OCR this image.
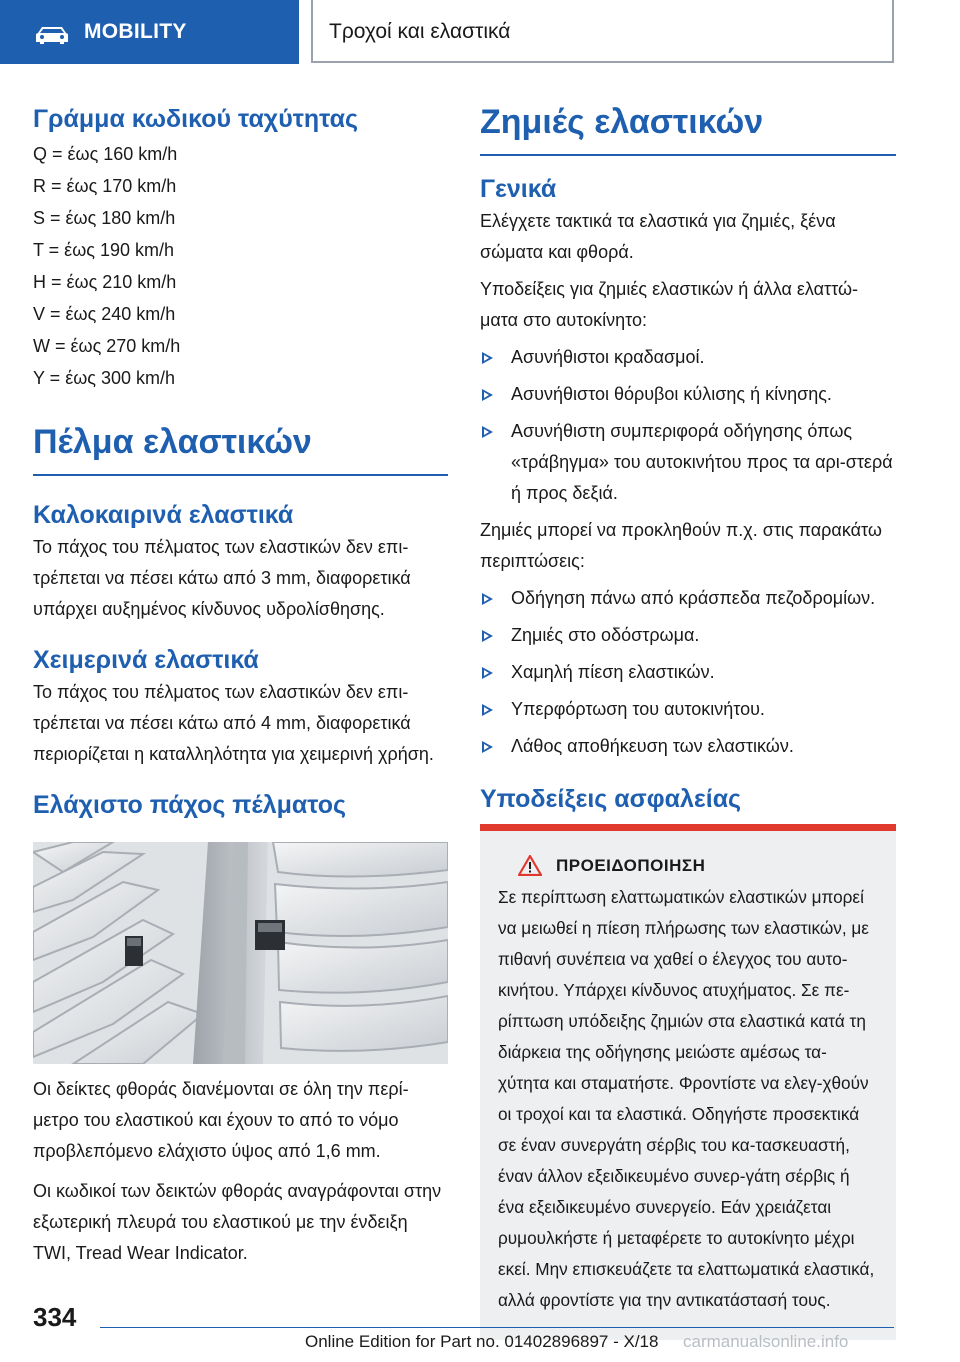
MOBILITY	Τροχοί και ελαστικά
Γράμμα κωδικού ταχύτητας

Q = έως 160 km/h

R = έως 170 km/h

S = έως 180 km/h

T = έως 190 km/h

H = έως 210 km/h

V = έως 240 km/h

W = έως 270 km/h

Y = έως 300 km/h

Πέλμα ελαστικών
Καλοκαιρινά ελαστικά

Το πάχος του πέλματος των ελαστικών δεν επι-τρέπεται να πέσει κάτω από 3 mm, διαφορετικά υπάρχει αυξημένος κίνδυνος υδρολίσθησης.

Χειμερινά ελαστικά

Το πάχος του πέλματος των ελαστικών δεν επι-τρέπεται να πέσει κάτω από 4 mm, διαφορετικά περιορίζεται η καταλληλότητα για χειμερινή χρήση.

Ελάχιστο πάχος πέλματος

Οι δείκτες φθοράς διανέμονται σε όλη την περί-μετρο του ελαστικού και έχουν το από το νόμο προβλεπόμενο ελάχιστο ύψος από 1,6 mm.

Οι κωδικοί των δεικτών φθοράς αναγράφονται στην εξωτερική πλευρά του ελαστικού με την ένδειξη TWI, Tread Wear Indicator.

Ζημιές ελαστικών
Γενικά

Ελέγχετε τακτικά τα ελαστικά για ζημιές, ξένα σώματα και φθορά.

Υποδείξεις για ζημιές ελαστικών ή άλλα ελαττώ-ματα στο αυτοκίνητο:

Ασυνήθιστοι κραδασμοί.
Ασυνήθιστοι θόρυβοι κύλισης ή κίνησης.
Ασυνήθιστη συμπεριφορά οδήγησης όπως «τράβηγμα» του αυτοκινήτου προς τα αρι-στερά ή προς δεξιά.

Ζημιές μπορεί να προκληθούν π.χ. στις παρακάτω περιπτώσεις:

Οδήγηση πάνω από κράσπεδα πεζοδρομίων.
Ζημιές στο οδόστρωμα.
Χαμηλή πίεση ελαστικών.
Υπερφόρτωση του αυτοκινήτου.
Λάθος αποθήκευση των ελαστικών.
Υποδείξεις ασφαλείας
ΠΡΟΕΙΔΟΠΟΙΗΣΗ

Σε περίπτωση ελαττωματικών ελαστικών μπορεί να μειωθεί η πίεση πλήρωσης των ελαστικών, με πιθανή συνέπεια να χαθεί ο έλεγχος του αυτο-κινήτου. Υπάρχει κίνδυνος ατυχήματος. Σε πε-ρίπτωση υπόδειξης ζημιών στα ελαστικά κατά τη διάρκεια της οδήγησης μειώστε αμέσως τα-χύτητα και σταματήστε. Φροντίστε να ελεγ-χθούν οι τροχοί και τα ελαστικά. Οδηγήστε προσεκτικά σε έναν συνεργάτη σέρβις του κα-τασκευαστή, έναν άλλον εξειδικευμένο συνερ-γάτη σέρβις ή ένα εξειδικευμένο συνεργείο. Εάν χρειάζεται ρυμουλκήστε ή μεταφέρετε το αυτοκίνητο μέχρι εκεί. Μην επισκευάζετε τα ελαττωματικά ελαστικά, αλλά φροντίστε για την αντικατάστασή τους.

334
Online Edition for Part no. 01402896897 - X/18 carmanualsonline.info
